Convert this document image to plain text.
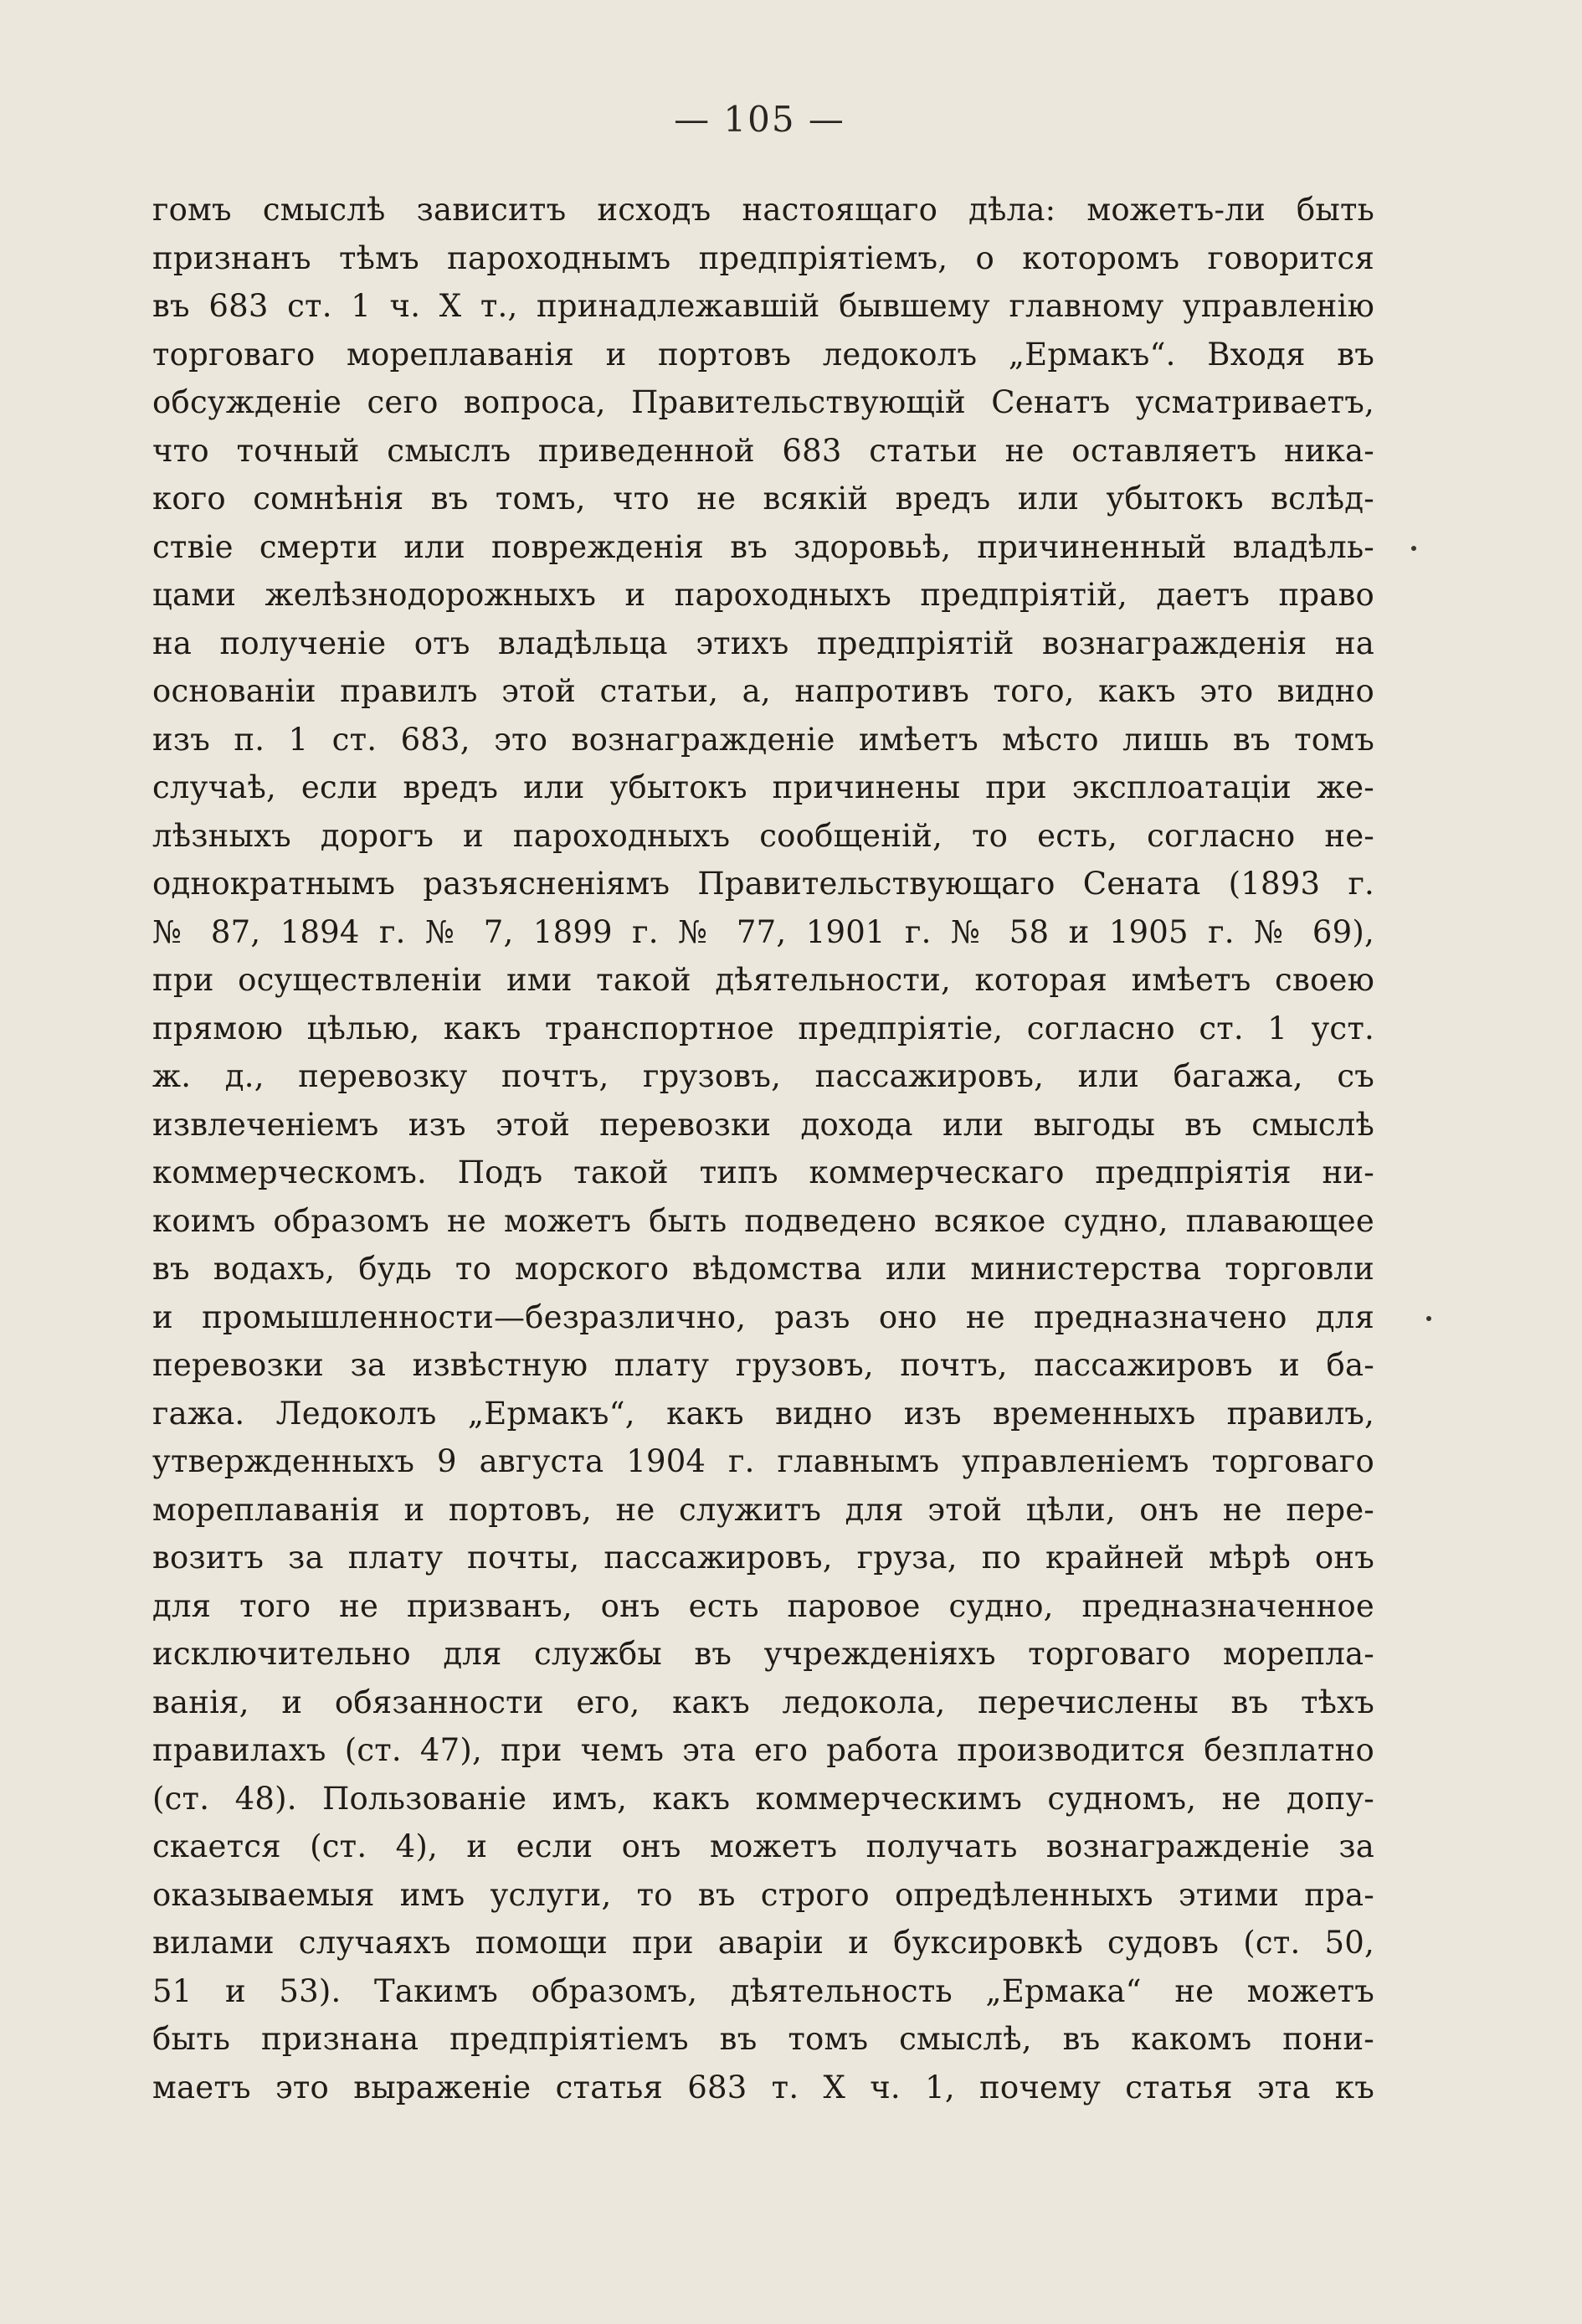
— 105 —
гомъ смыслѣ зависитъ исходъ настоящаго дѣла: можетъ-ли быть
признанъ тѣмъ пароходнымъ предпріятіемъ, о которомъ говорится
въ 683 ст. 1 ч. X т., принадлежавшій бывшему главному управленію
торговаго мореплаванія и портовъ ледоколъ „Ермакъ“. Входя въ
обсужденіе сего вопроса, Правительствующій Сенатъ усматриваетъ,
что точный смыслъ приведенной 683 статьи не оставляетъ ника-
кого сомнѣнія въ томъ, что не всякій вредъ или убытокъ вслѣд-
ствіе смерти или поврежденія въ здоровьѣ, причиненный владѣль-
цами желѣзнодорожныхъ и пароходныхъ предпріятій, даетъ право
на полученіе отъ владѣльца этихъ предпріятій вознагражденія на
основаніи правилъ этой статьи, а, напротивъ того, какъ это видно
изъ п. 1 ст. 683, это вознагражденіе имѣетъ мѣсто лишь въ томъ
случаѣ, если вредъ или убытокъ причинены при эксплоатаціи же-
лѣзныхъ дорогъ и пароходныхъ сообщеній, то есть, согласно не-
однократнымъ разъясненіямъ Правительствующаго Сената (1893 г.
№ 87, 1894 г. № 7, 1899 г. № 77, 1901 г. № 58 и 1905 г. № 69),
при осуществленіи ими такой дѣятельности, которая имѣетъ своею
прямою цѣлью, какъ транспортное предпріятіе, согласно ст. 1 уст.
ж. д., перевозку почтъ, грузовъ, пассажировъ, или багажа, съ
извлеченіемъ изъ этой перевозки дохода или выгоды въ смыслѣ
коммерческомъ. Подъ такой типъ коммерческаго предпріятія ни-
коимъ образомъ не можетъ быть подведено всякое судно, плавающее
въ водахъ, будь то морского вѣдомства или министерства торговли
и промышленности—безразлично, разъ оно не предназначено для
перевозки за извѣстную плату грузовъ, почтъ, пассажировъ и ба-
гажа. Ледоколъ „Ермакъ“, какъ видно изъ временныхъ правилъ,
утвержденныхъ 9 августа 1904 г. главнымъ управленіемъ торговаго
мореплаванія и портовъ, не служитъ для этой цѣли, онъ не пере-
возитъ за плату почты, пассажировъ, груза, по крайней мѣрѣ онъ
для того не призванъ, онъ есть паровое судно, предназначенное
исключительно для службы въ учрежденіяхъ торговаго морепла-
ванія, и обязанности его, какъ ледокола, перечислены въ тѣхъ
правилахъ (ст. 47), при чемъ эта его работа производится безплатно
(ст. 48). Пользованіе имъ, какъ коммерческимъ судномъ, не допу-
скается (ст. 4), и если онъ можетъ получать вознагражденіе за
оказываемыя имъ услуги, то въ строго опредѣленныхъ этими пра-
вилами случаяхъ помощи при аваріи и буксировкѣ судовъ (ст. 50,
51 и 53). Такимъ образомъ, дѣятельность „Ермака“ не можетъ
быть признана предпріятіемъ въ томъ смыслѣ, въ какомъ пони-
маетъ это выраженіе статья 683 т. X ч. 1, почему статья эта къ
